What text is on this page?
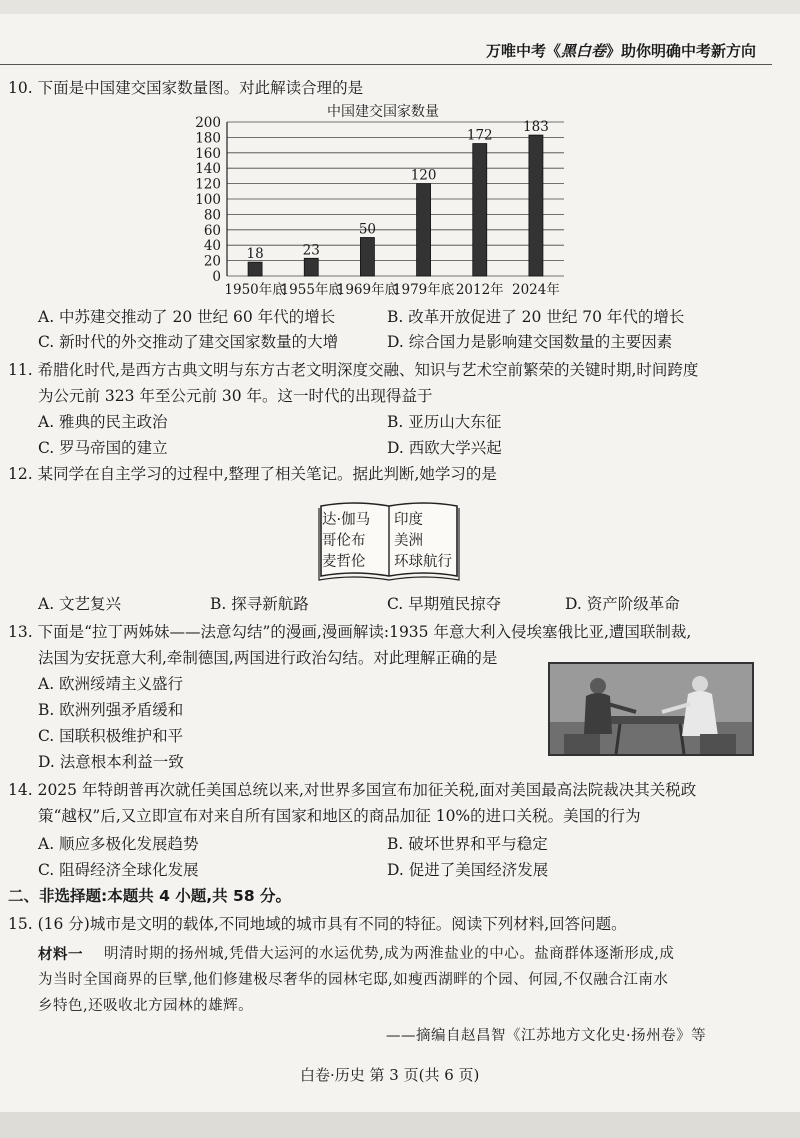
万唯中考《黑白卷》助你明确中考新方向
10. 下面是中国建交国家数量图。对此解读合理的是
中国建交国家数量
0
20
40
60
80
100
120
140
160
180
200
18	23
50
120
172
183
1950年底
1955年底
1969年底
1979年底 2012年 2024年
A. 中苏建交推动了 20 世纪 60 年代的增长	B. 改革开放促进了 20 世纪 70 年代的增长
C. 新时代的外交推动了建交国家数量的大增	D. 综合国力是影响建交国数量的主要因素
11. 希腊化时代,是西方古典文明与东方古老文明深度交融、知识与艺术空前繁荣的关键时期,时间跨度
为公元前 323 年至公元前 30 年。这一时代的出现得益于
A. 雅典的民主政治	B. 亚历山大东征
C. 罗马帝国的建立	D. 西欧大学兴起
12. 某同学在自主学习的过程中,整理了相关笔记。据此判断,她学习的是
达·伽马
哥伦布
麦哲伦
印度
美洲
环球航行
A. 文艺复兴	B. 探寻新航路	C. 早期殖民掠夺	D. 资产阶级革命
13. 下面是“拉丁两姊妹——法意勾结”的漫画,漫画解读:1935 年意大利入侵埃塞俄比亚,遭国联制裁,
法国为安抚意大利,牵制德国,两国进行政治勾结。对此理解正确的是
A. 欧洲绥靖主义盛行
B. 欧洲列强矛盾缓和
C. 国联积极维护和平
D. 法意根本利益一致
14. 2025 年特朗普再次就任美国总统以来,对世界多国宣布加征关税,面对美国最高法院裁决其关税政
策“越权”后,又立即宣布对来自所有国家和地区的商品加征 10%的进口关税。美国的行为
A. 顺应多极化发展趋势	B. 破坏世界和平与稳定
C. 阻碍经济全球化发展	D. 促进了美国经济发展
二、非选择题:本题共 4 小题,共 58 分。
15. (16 分)城市是文明的载体,不同地域的城市具有不同的特征。阅读下列材料,回答问题。
材料一 明清时期的扬州城,凭借大运河的水运优势,成为两淮盐业的中心。盐商群体逐渐形成,成
为当时全国商界的巨擘,他们修建极尽奢华的园林宅邸,如瘦西湖畔的个园、何园,不仅融合江南水
乡特色,还吸收北方园林的雄辉。
——摘编自赵昌智《江苏地方文化史·扬州卷》等
白卷·历史 第 3 页(共 6 页)
